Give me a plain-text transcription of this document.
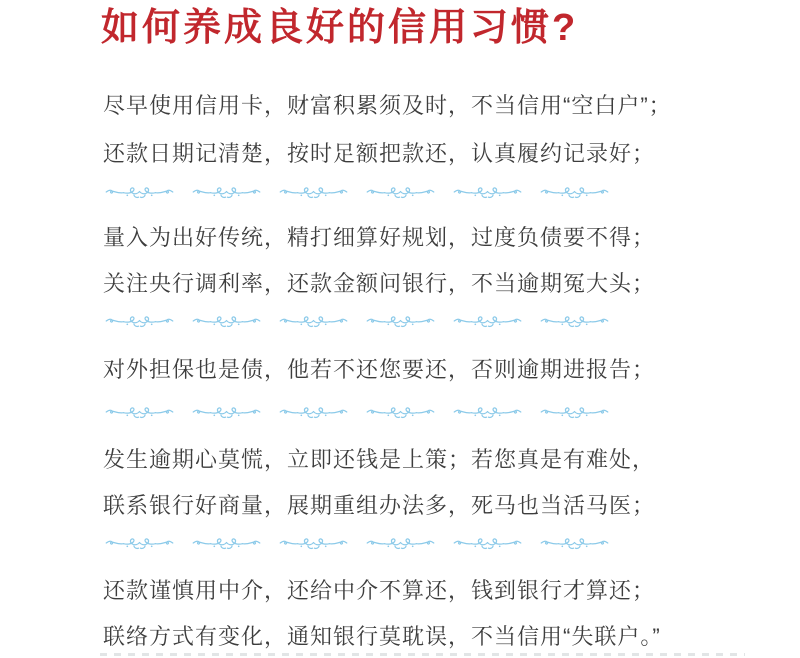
如何养成良好的信用习惯?
尽早使用信用卡，财富积累须及时，不当信用“空白户”；
还款日期记清楚，按时足额把款还，认真履约记录好；
量入为出好传统，精打细算好规划，过度负债要不得；
关注央行调利率，还款金额问银行，不当逾期冤大头；
对外担保也是债，他若不还您要还，否则逾期进报告；
发生逾期心莫慌，立即还钱是上策；若您真是有难处，
联系银行好商量，展期重组办法多，死马也当活马医；
还款谨慎用中介，还给中介不算还，钱到银行才算还；
联络方式有变化，通知银行莫耽误，不当信用“失联户。”
